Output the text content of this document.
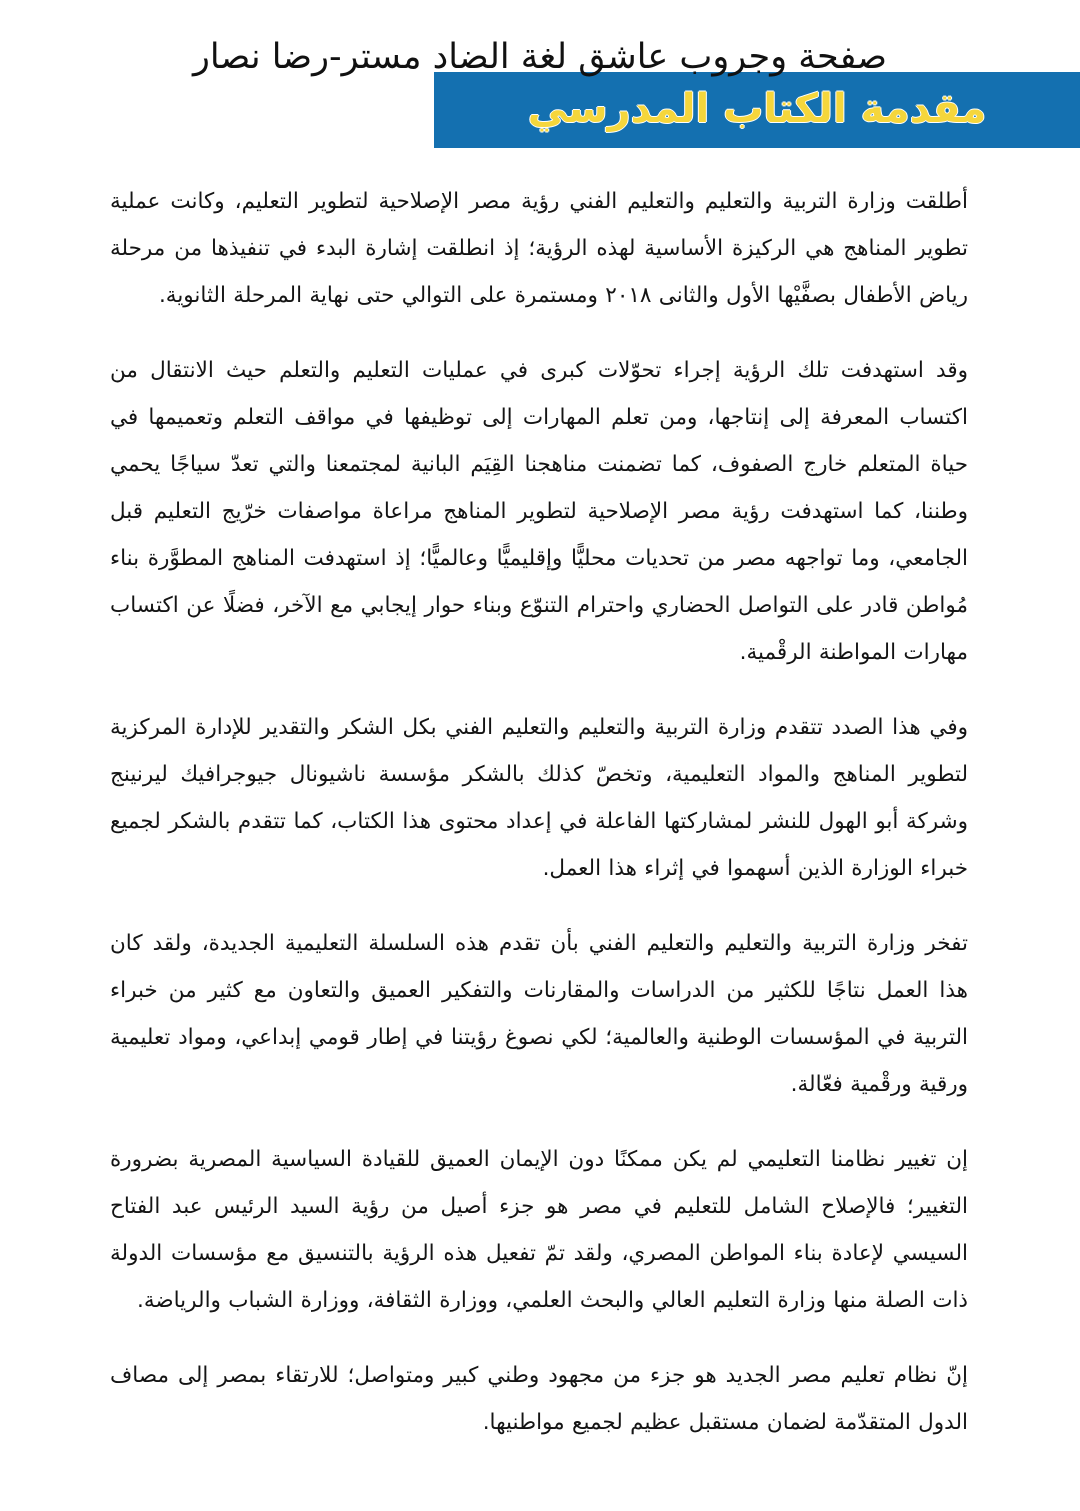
مقدمة الكتاب المدرسي
صفحة وجروب عاشق لغة الضاد مستر-رضا نصار

أطلقت وزارة التربية والتعليم والتعليم الفني رؤية مصر الإصلاحية لتطوير التعليم، وكانت عملية تطوير المناهج هي الركيزة الأساسية لهذه الرؤية؛ إذ انطلقت إشارة البدء في تنفيذها من مرحلة رياض الأطفال بصفَّيْها الأول والثانى ٢٠١٨ ومستمرة على التوالي حتى نهاية المرحلة الثانوية.

وقد استهدفت تلك الرؤية إجراء تحوّلات كبرى في عمليات التعليم والتعلم حيث الانتقال من اكتساب المعرفة إلى إنتاجها، ومن تعلم المهارات إلى توظيفها في مواقف التعلم وتعميمها في حياة المتعلم خارج الصفوف، كما تضمنت مناهجنا القِيَم البانية لمجتمعنا والتي تعدّ سياجًا يحمي وطننا، كما استهدفت رؤية مصر الإصلاحية لتطوير المناهج مراعاة مواصفات خرّيج التعليم قبل الجامعي، وما تواجهه مصر من تحديات محليًّا وإقليميًّا وعالميًّا؛ إذ استهدفت المناهج المطوَّرة بناء مُواطن قادر على التواصل الحضاري واحترام التنوّع وبناء حوار إيجابي مع الآخر، فضلًا عن اكتساب مهارات المواطنة الرقْمية.

وفي هذا الصدد تتقدم وزارة التربية والتعليم والتعليم الفني بكل الشكر والتقدير للإدارة المركزية لتطوير المناهج والمواد التعليمية، وتخصّ كذلك بالشكر مؤسسة ناشيونال جيوجرافيك ليرنينج وشركة أبو الهول للنشر لمشاركتها الفاعلة في إعداد محتوى هذا الكتاب، كما تتقدم بالشكر لجميع خبراء الوزارة الذين أسهموا في إثراء هذا العمل.

تفخر وزارة التربية والتعليم والتعليم الفني بأن تقدم هذه السلسلة التعليمية الجديدة، ولقد كان هذا العمل نتاجًا للكثير من الدراسات والمقارنات والتفكير العميق والتعاون مع كثير من خبراء التربية في المؤسسات الوطنية والعالمية؛ لكي نصوغ رؤيتنا في إطار قومي إبداعي، ومواد تعليمية ورقية ورقْمية فعّالة.

إن تغيير نظامنا التعليمي لم يكن ممكنًا دون الإيمان العميق للقيادة السياسية المصرية بضرورة التغيير؛ فالإصلاح الشامل للتعليم في مصر هو جزء أصيل من رؤية السيد الرئيس عبد الفتاح السيسي لإعادة بناء المواطن المصري، ولقد تمّ تفعيل هذه الرؤية بالتنسيق مع مؤسسات الدولة ذات الصلة منها وزارة التعليم العالي والبحث العلمي، ووزارة الثقافة، ووزارة الشباب والرياضة.

إنّ نظام تعليم مصر الجديد هو جزء من مجهود وطني كبير ومتواصل؛ للارتقاء بمصر إلى مصاف الدول المتقدّمة لضمان مستقبل عظيم لجميع مواطنيها.
